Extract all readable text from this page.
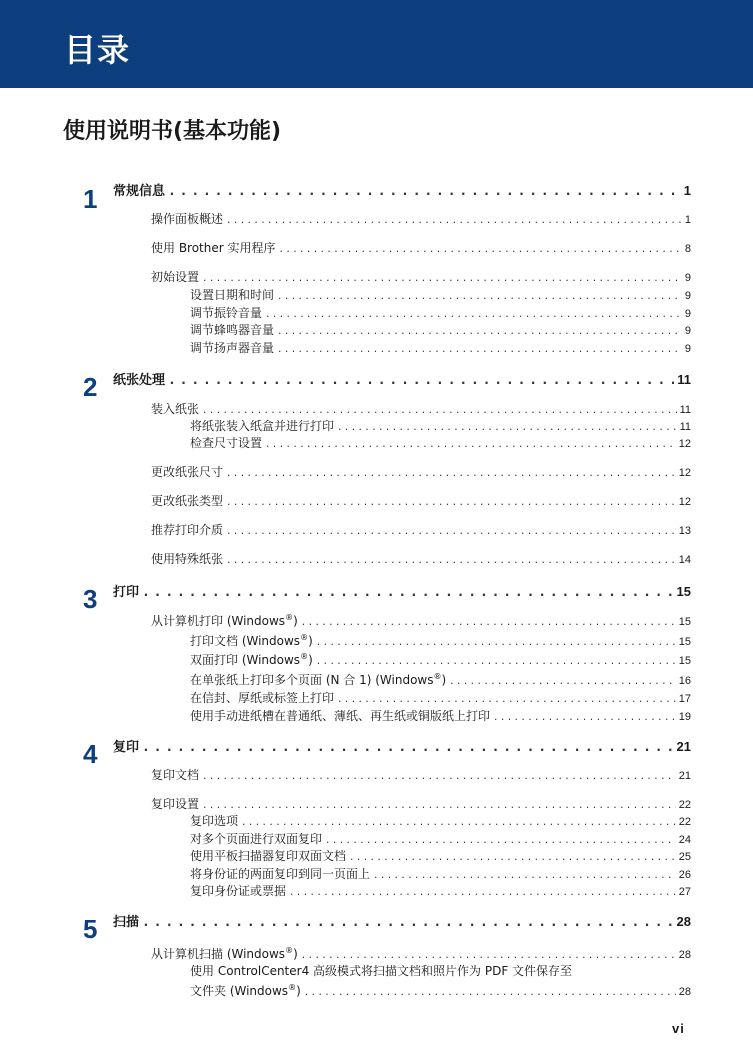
目录
使用说明书(基本功能)
1	常规信息 . . .	1
操作面板概述 . . .	1
使用 Brother 实用程序 . . .	8
初始设置 . . .	9
设置日期和时间 . . .	9
调节振铃音量 . . .	9
调节蜂鸣器音量 . . .	9
调节扬声器音量 . . .	9
2	纸张处理 . . .	11
装入纸张 . . .	11
将纸张装入纸盒并进行打印 . . .	11
检查尺寸设置 . . .	12
更改纸张尺寸 . . .	12
更改纸张类型 . . .	12
推荐打印介质 . . .	13
使用特殊纸张 . . .	14
3	打印 . . .	15
从计算机打印 (Windows®) . . .	15
打印文档 (Windows®) . . .	15
双面打印 (Windows®) . . .	15
在单张纸上打印多个页面 (N 合 1) (Windows®) . . .	16
在信封、厚纸或标签上打印 . . .	17
使用手动进纸槽在普通纸、薄纸、再生纸或铜版纸上打印 . . .	19
4	复印 . . .	21
复印文档 . . .	21
复印设置 . . .	22
复印选项 . . .	22
对多个页面进行双面复印 . . .	24
使用平板扫描器复印双面文档 . . .	25
将身份证的两面复印到同一页面上 . . .	26
复印身份证或票据 . . .	27
5	扫描 . . .	28
从计算机扫描 (Windows®) . . .	28
使用 ControlCenter4 高级模式将扫描文档和照片作为 PDF 文件保存至
文件夹 (Windows®) . . .	28
vi
